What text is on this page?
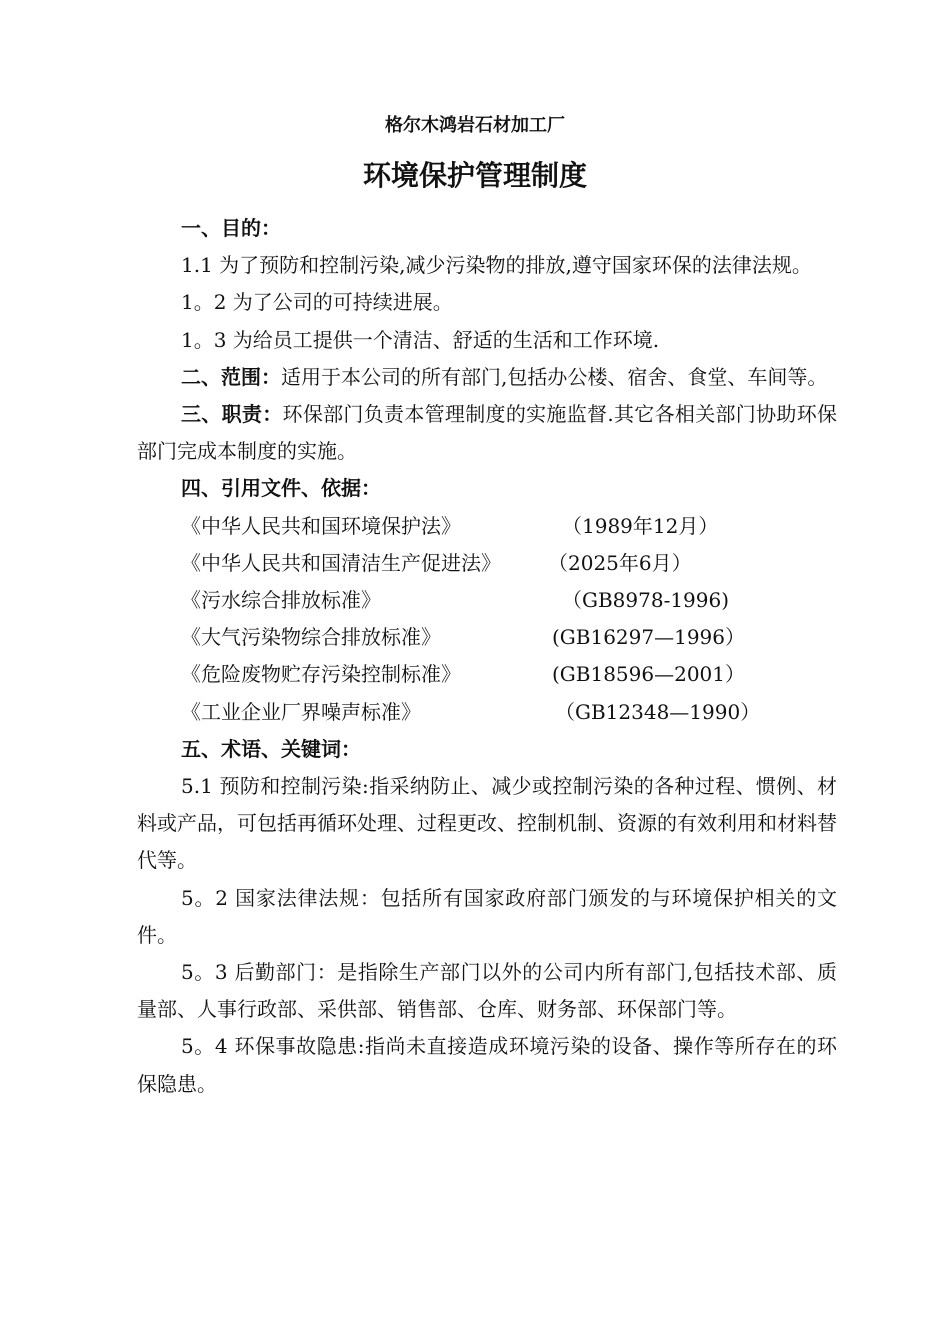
格尔木鸿岩石材加工厂
环境保护管理制度

一、目的：

1.1 为了预防和控制污染,减少污染物的排放,遵守国家环保的法律法规。

1。2 为了公司的可持续进展。

1。3 为给员工提供一个清洁、舒适的生活和工作环境.

二、范围：适用于本公司的所有部门,包括办公楼、宿舍、食堂、车间等。

三、职责：环保部门负责本管理制度的实施监督.其它各相关部门协助环保部门完成本制度的实施。

四、引用文件、依据：

《中华人民共和国环境保护法》	（1989年12月）

《中华人民共和国清洁生产促进法》 （2025年6月）

《污水综合排放标准》	（GB8978-1996)

《大气污染物综合排放标准》	(GB16297—1996）

《危险废物贮存污染控制标准》	(GB18596—2001）

《工业企业厂界噪声标准》	（GB12348—1990）

五、术语、关键词：

5.1 预防和控制污染:指采纳防止、减少或控制污染的各种过程、惯例、材料或产品，可包括再循环处理、过程更改、控制机制、资源的有效利用和材料替代等。

5。2 国家法律法规：包括所有国家政府部门颁发的与环境保护相关的文件。

5。3 后勤部门：是指除生产部门以外的公司内所有部门,包括技术部、质量部、人事行政部、采供部、销售部、仓库、财务部、环保部门等。

5。4 环保事故隐患:指尚未直接造成环境污染的设备、操作等所存在的环保隐患。
